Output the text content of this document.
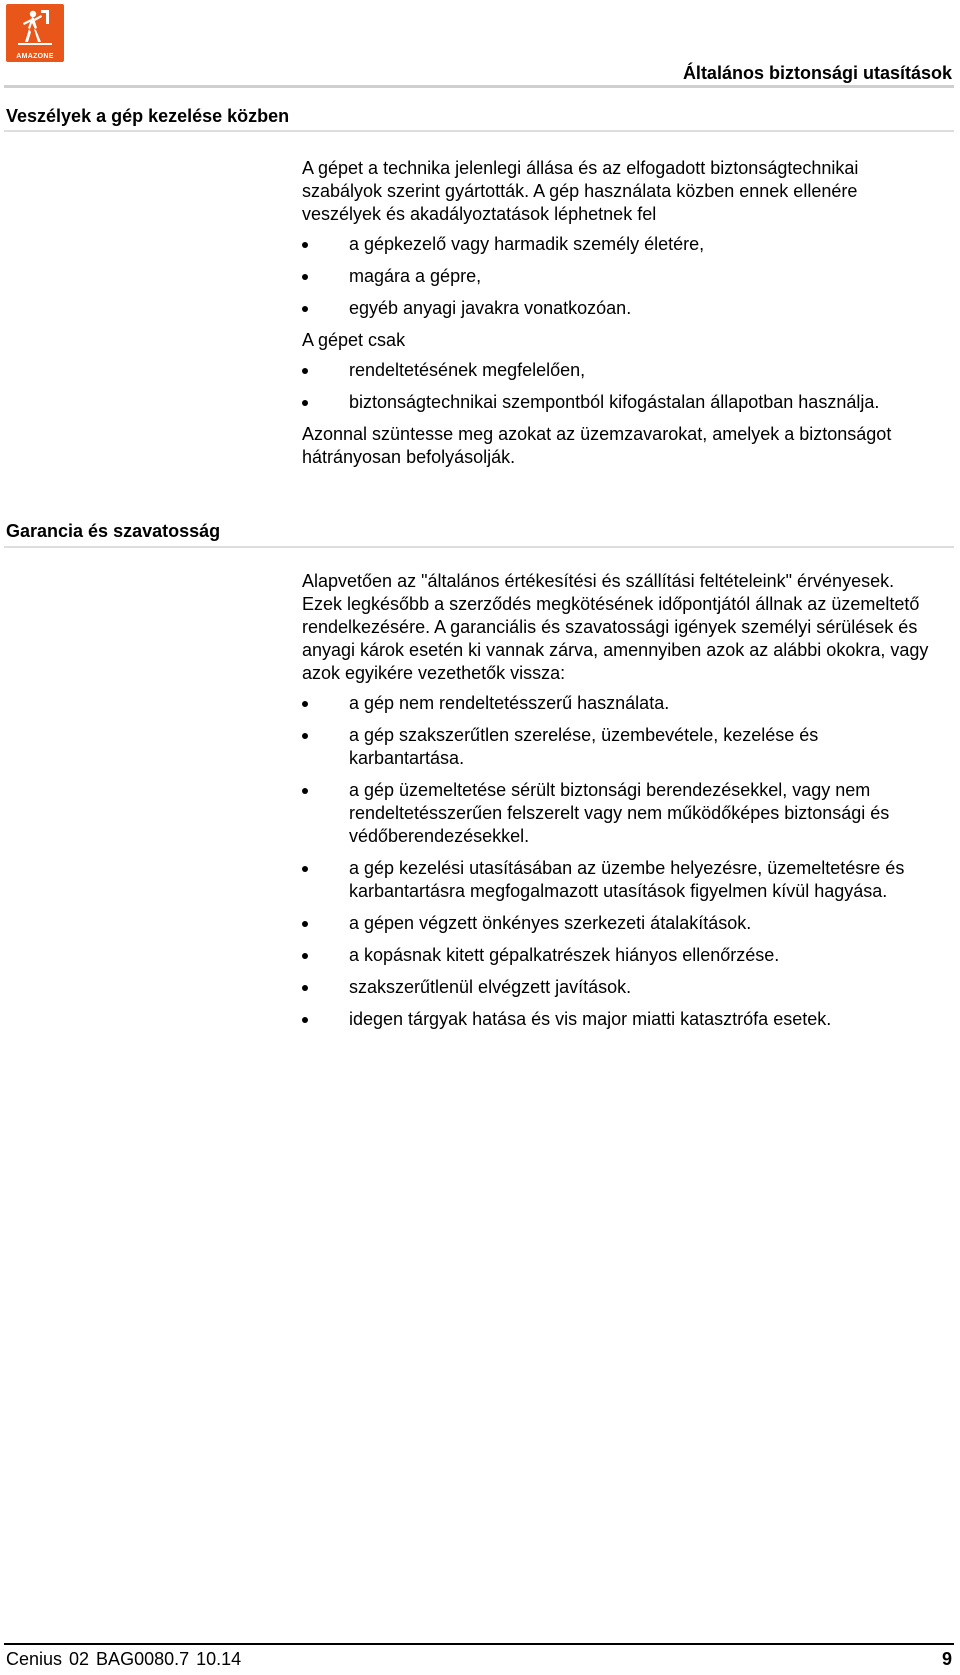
AMAZONE
Általános biztonsági utasítások
Veszélyek a gép kezelése közben

A gépet a technika jelenlegi állása és az elfogadott biztonságtechnikai szabályok szerint gyártották. A gép használata közben ennek ellenére veszélyek és akadályoztatások léphetnek fel

a gépkezelő vagy harmadik személy életére,
magára a gépre,
egyéb anyagi javakra vonatkozóan.

A gépet csak

rendeltetésének megfelelően,
biztonságtechnikai szempontból kifogástalan állapotban használja.

Azonnal szüntesse meg azokat az üzemzavarokat, amelyek a biztonságot hátrányosan befolyásolják.

Garancia és szavatosság

Alapvetően az "általános értékesítési és szállítási feltételeink" érvényesek. Ezek legkésőbb a szerződés megkötésének időpontjától állnak az üzemeltető rendelkezésére. A garanciális és szavatossági igények személyi sérülések és anyagi károk esetén ki vannak zárva, amennyiben azok az alábbi okokra, vagy azok egyikére vezethetők vissza:

a gép nem rendeltetésszerű használata.
a gép szakszerűtlen szerelése, üzembevétele, kezelése és karbantartása.
a gép üzemeltetése sérült biztonsági berendezésekkel, vagy nem rendeltetésszerűen felszerelt vagy nem működőképes biztonsági és védőberendezésekkel.
a gép kezelési utasításában az üzembe helyezésre, üzemeltetésre és karbantartásra megfogalmazott utasítások figyelmen kívül hagyása.
a gépen végzett önkényes szerkezeti átalakítások.
a kopásnak kitett gépalkatrészek hiányos ellenőrzése.
szakszerűtlenül elvégzett javítások.
idegen tárgyak hatása és vis major miatti katasztrófa esetek.
Cenius 02 BAG0080.7 10.14	9
